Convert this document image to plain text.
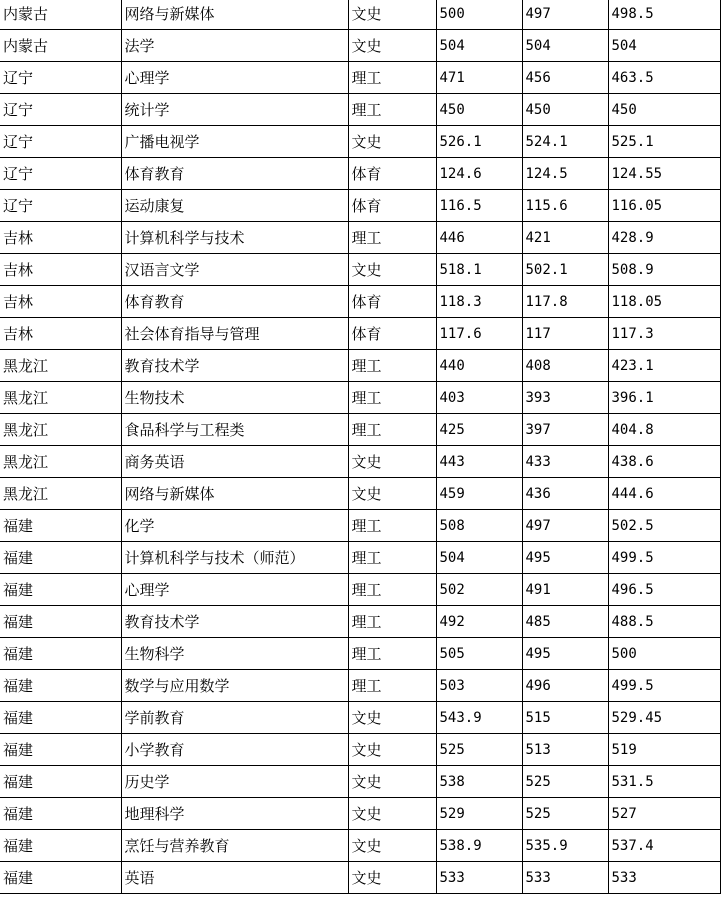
内蒙古	网络与新媒体	文史	500	497	498.5
内蒙古	法学	文史	504	504	504
辽宁	心理学	理工	471	456	463.5
辽宁	统计学	理工	450	450	450
辽宁	广播电视学	文史	526.1	524.1	525.1
辽宁	体育教育	体育	124.6	124.5	124.55
辽宁	运动康复	体育	116.5	115.6	116.05
吉林	计算机科学与技术	理工	446	421	428.9
吉林	汉语言文学	文史	518.1	502.1	508.9
吉林	体育教育	体育	118.3	117.8	118.05
吉林	社会体育指导与管理	体育	117.6	117	117.3
黑龙江	教育技术学	理工	440	408	423.1
黑龙江	生物技术	理工	403	393	396.1
黑龙江	食品科学与工程类	理工	425	397	404.8
黑龙江	商务英语	文史	443	433	438.6
黑龙江	网络与新媒体	文史	459	436	444.6
福建	化学	理工	508	497	502.5
福建	计算机科学与技术（师范）	理工	504	495	499.5
福建	心理学	理工	502	491	496.5
福建	教育技术学	理工	492	485	488.5
福建	生物科学	理工	505	495	500
福建	数学与应用数学	理工	503	496	499.5
福建	学前教育	文史	543.9	515	529.45
福建	小学教育	文史	525	513	519
福建	历史学	文史	538	525	531.5
福建	地理科学	文史	529	525	527
福建	烹饪与营养教育	文史	538.9	535.9	537.4
福建	英语	文史	533	533	533
